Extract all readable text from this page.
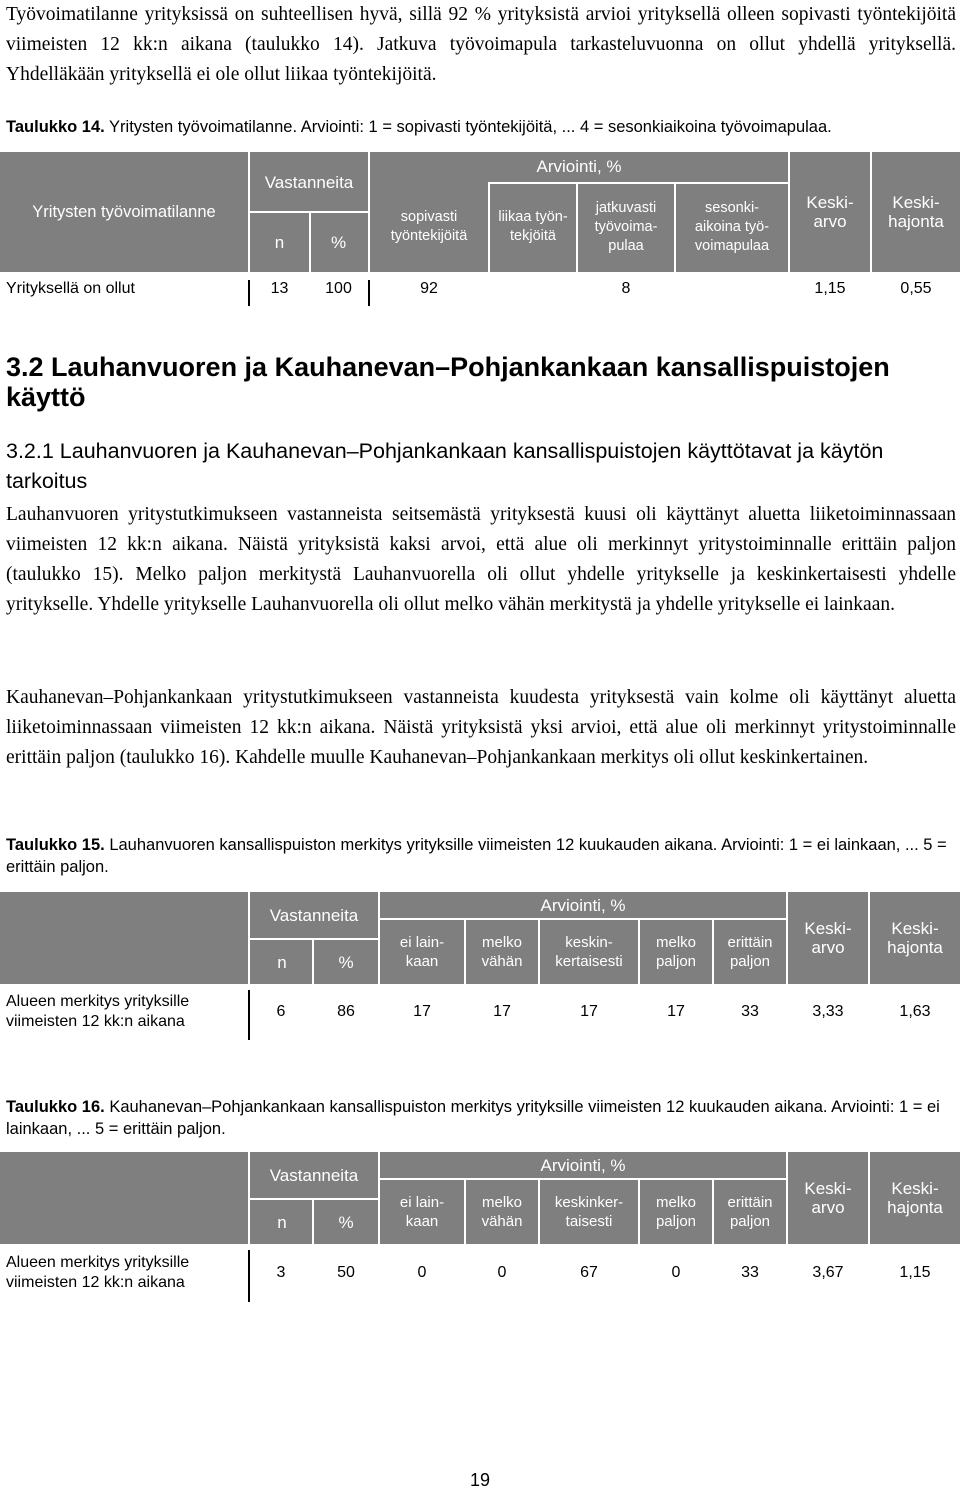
Työvoimatilanne yrityksissä on suhteellisen hyvä, sillä 92 % yrityksistä arvioi yrityksellä olleen sopivasti työntekijöitä viimeisten 12 kk:n aikana (taulukko 14). Jatkuva työvoimapula tarkasteluvuonna on ollut yhdellä yrityksellä. Yhdelläkään yrityksellä ei ole ollut liikaa työntekijöitä.

Taulukko 14. Yritysten työvoimatilanne. Arviointi: 1 = sopivasti työntekijöitä, ... 4 = sesonkiaikoina työvoimapulaa.
Yritysten työvoimatilanne
Vastanneita
n	%
Arviointi, %
sopivasti työntekijöitä
liikaa työn-tekjöitä
jatkuvasti työvoima-pulaa
sesonki-aikoina työ-voimapulaa
Keski-arvo
Keski-hajonta
Yrityksellä on ollut	13	100	92	8	1,15	0,55
3.2 Lauhanvuoren ja Kauhanevan–Pohjankankaan kansallispuistojen käyttö
3.2.1 Lauhanvuoren ja Kauhanevan–Pohjankankaan kansallispuistojen käyttötavat ja käytön tarkoitus

Lauhanvuoren yritystutkimukseen vastanneista seitsemästä yrityksestä kuusi oli käyttänyt aluetta liiketoiminnassaan viimeisten 12 kk:n aikana. Näistä yrityksistä kaksi arvoi, että alue oli merkinnyt yritystoiminnalle erittäin paljon (taulukko 15). Melko paljon merkitystä Lauhanvuorella oli ollut yhdelle yritykselle ja keskinkertaisesti yhdelle yritykselle. Yhdelle yritykselle Lauhanvuorella oli ollut melko vähän merkitystä ja yhdelle yritykselle ei lainkaan.

Kauhanevan–Pohjankankaan yritystutkimukseen vastanneista kuudesta yrityksestä vain kolme oli käyttänyt aluetta liiketoiminnassaan viimeisten 12 kk:n aikana. Näistä yrityksistä yksi arvioi, että alue oli merkinnyt yritystoiminnalle erittäin paljon (taulukko 16). Kahdelle muulle Kauhanevan–Pohjankankaan merkitys oli ollut keskinkertainen.

Taulukko 15. Lauhanvuoren kansallispuiston merkitys yrityksille viimeisten 12 kuukauden aikana. Arviointi: 1 = ei lainkaan, ... 5 = erittäin paljon.
Vastanneita
n	%
Arviointi, %
ei lain-kaan
melko vähän
keskin-kertaisesti
melko paljon
erittäin paljon
Keski-arvo
Keski-hajonta
Alueen merkitys yrityksille viimeisten 12 kk:n aikana
6	86	17	17	17	17	33	3,33	1,63
Taulukko 16. Kauhanevan–Pohjankankaan kansallispuiston merkitys yrityksille viimeisten 12 kuukauden aikana. Arviointi: 1 = ei lainkaan, ... 5 = erittäin paljon.
Vastanneita
n	%
Arviointi, %
ei lain-kaan
melko vähän
keskinker-taisesti
melko paljon
erittäin paljon
Keski-arvo
Keski-hajonta
Alueen merkitys yrityksille viimeisten 12 kk:n aikana
3	50	0	0	67	0	33	3,67	1,15
19
